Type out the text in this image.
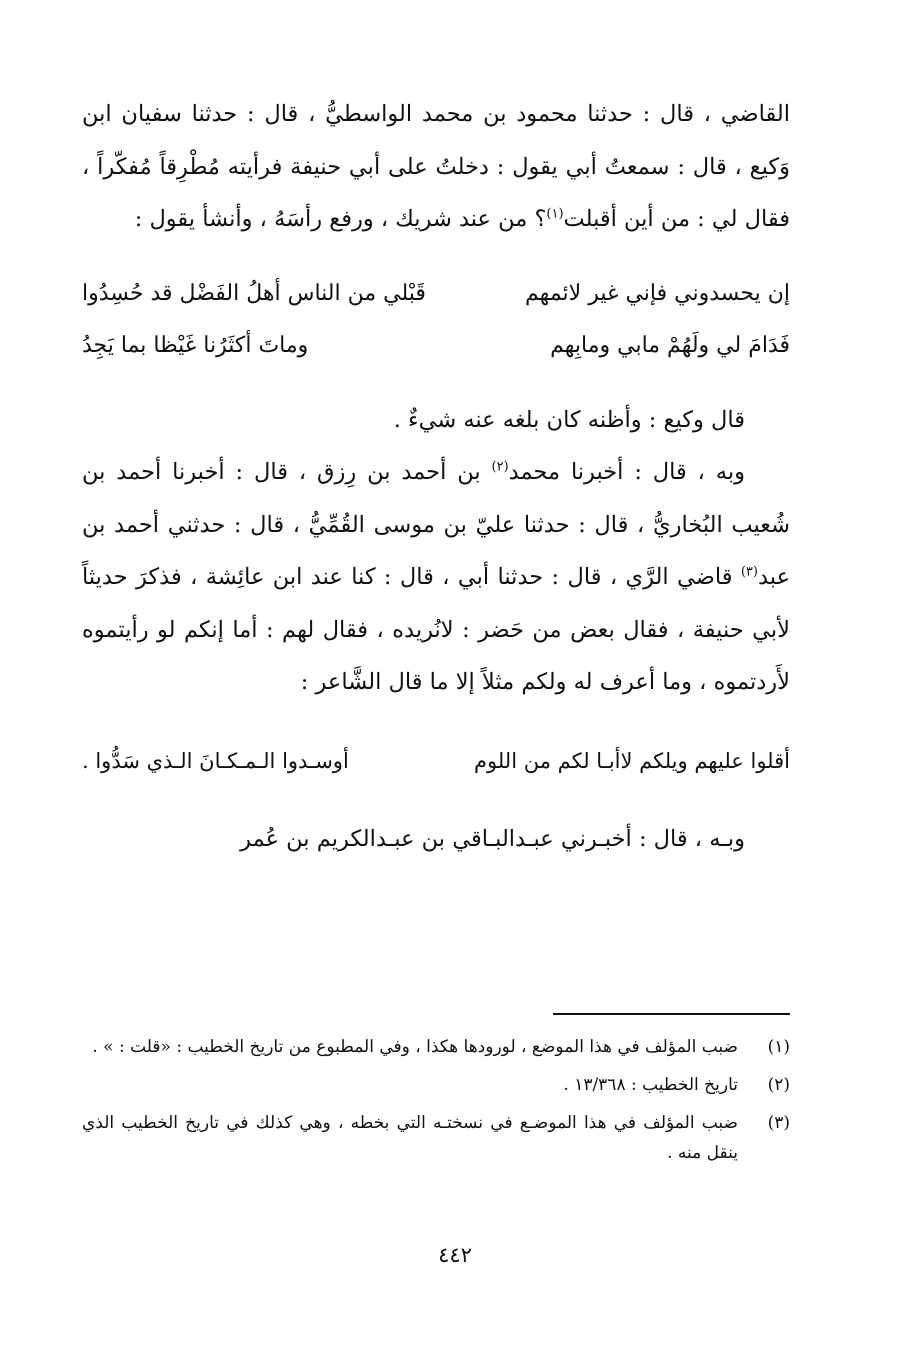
القاضي ، قال : حدثنا محمود بن محمد الواسطيُّ ، قال : حدثنا سفيان ابن وَكيع ، قال : سمعتُ أبي يقول : دخلتُ على أبي حنيفة فرأيته مُطْرِقاً مُفكّراً ، فقال لي : من أين أقبلت$^{(١)}$؟ من عند شريك ، ورفع رأسَهُ ، وأنشأ يقول :

إن يحسدوني فإني غير لائمهم
قَبْلي من الناس أهلُ الفَضْل قد حُسِدُوا
فَدَامَ لي ولَهُمْ مابي ومابِهم
وماتَ أكثَرُنا غَيْظا بما يَجِدُ

قال وكيع : وأظنه كان بلغه عنه شيءٌ .

وبه ، قال : أخبرنا محمد$^{(٢)}$ بن أحمد بن رِزق ، قال : أخبرنا أحمد بن شُعيب البُخاريُّ ، قال : حدثنا عليّ بن موسى القُمِّيُّ ، قال : حدثني أحمد بن عبد$^{(٣)}$ قاضي الرَّي ، قال : حدثنا أبي ، قال : كنا عند ابن عائِشة ، فذكرَ حديثاً لأبي حنيفة ، فقال بعض من حَضر : لانُريده ، فقال لهم : أما إنكم لو رأيتموه لأَردتموه ، وما أعرف له ولكم مثلاً إلا ما قال الشَّاعر :

أقلوا عليهم ويلكم لاأبـا لكم من اللوم
أوسـدوا الـمـكـانَ الـذي سَدُّوا .

وبـه ، قال : أخبـرني عبـدالبـاقي بن عبـدالكريم بن عُمر

(١)
ضبب المؤلف في هذا الموضع ، لورودها هكذا ، وفي المطبوع من تاريخ الخطيب : «قلت : » .
(٢)
تاريخ الخطيب : ١٣/٣٦٨ .
(٣)
ضبب المؤلف في هذا الموضـع في نسختـه التي بخطه ، وهي كذلك في تاريخ الخطيب الذي ينقل منه .
٤٤٢
